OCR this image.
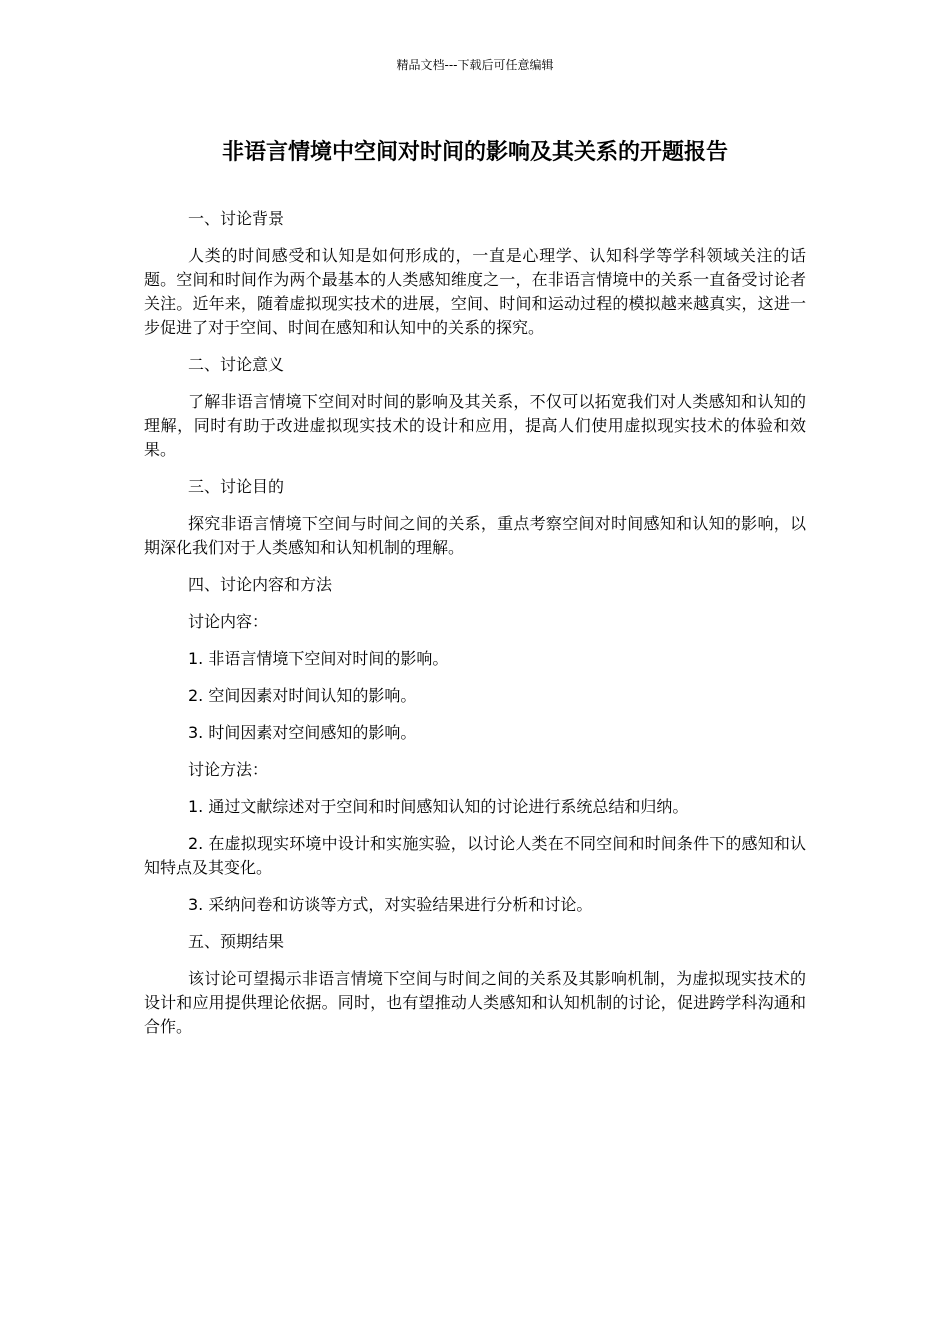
精品文档---下载后可任意编辑
非语言情境中空间对时间的影响及其关系的开题报告

一、讨论背景

人类的时间感受和认知是如何形成的，一直是心理学、认知科学等学科领域关注的话题。空间和时间作为两个最基本的人类感知维度之一，在非语言情境中的关系一直备受讨论者关注。近年来，随着虚拟现实技术的进展，空间、时间和运动过程的模拟越来越真实，这进一步促进了对于空间、时间在感知和认知中的关系的探究。

二、讨论意义

了解非语言情境下空间对时间的影响及其关系，不仅可以拓宽我们对人类感知和认知的理解，同时有助于改进虚拟现实技术的设计和应用，提高人们使用虚拟现实技术的体验和效果。

三、讨论目的

探究非语言情境下空间与时间之间的关系，重点考察空间对时间感知和认知的影响，以期深化我们对于人类感知和认知机制的理解。

四、讨论内容和方法

讨论内容：

1. 非语言情境下空间对时间的影响。

2. 空间因素对时间认知的影响。

3. 时间因素对空间感知的影响。

讨论方法：

1. 通过文献综述对于空间和时间感知认知的讨论进行系统总结和归纳。

2. 在虚拟现实环境中设计和实施实验，以讨论人类在不同空间和时间条件下的感知和认知特点及其变化。

3. 采纳问卷和访谈等方式，对实验结果进行分析和讨论。

五、预期结果

该讨论可望揭示非语言情境下空间与时间之间的关系及其影响机制，为虚拟现实技术的设计和应用提供理论依据。同时，也有望推动人类感知和认知机制的讨论，促进跨学科沟通和合作。
